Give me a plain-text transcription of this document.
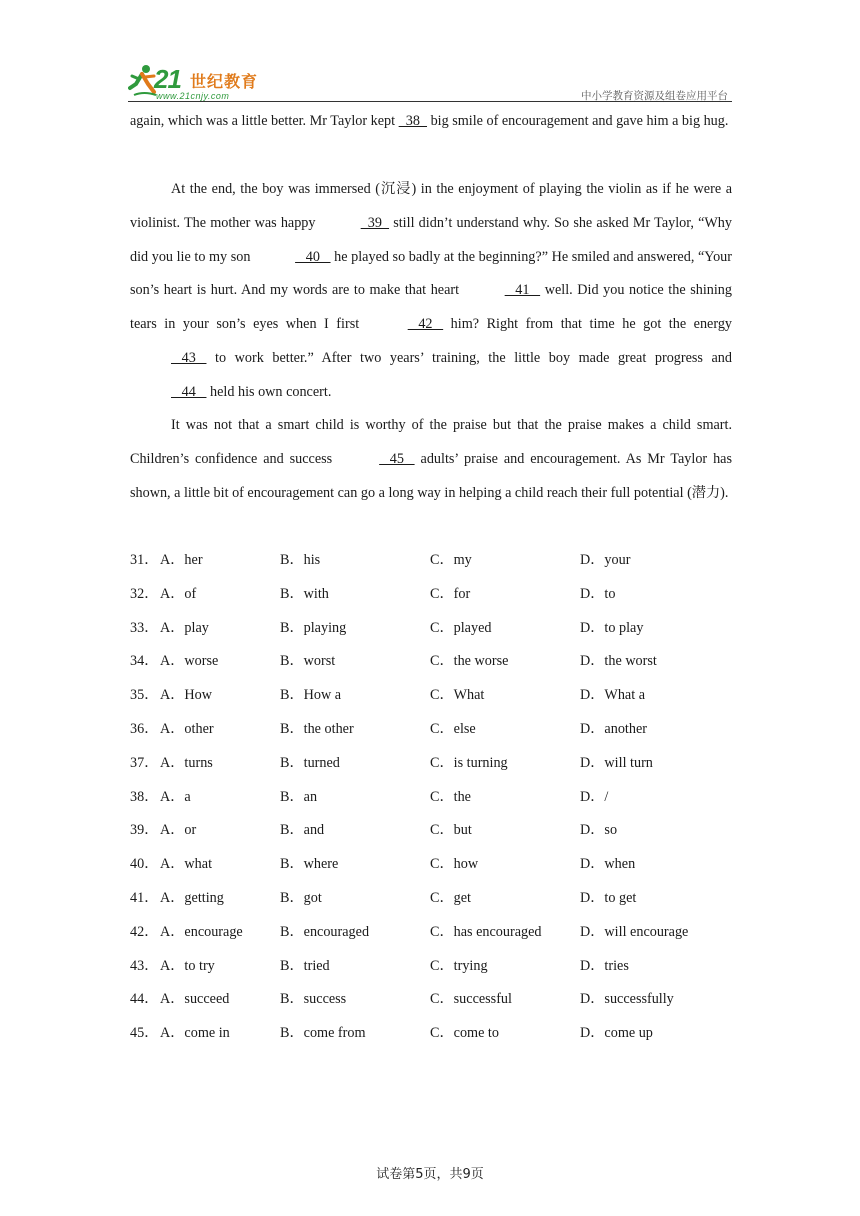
21 世纪教育
www.21cnjy.com	中小学教育资源及组卷应用平台

again, which was a little better. Mr Taylor kept   38   big smile of encouragement and gave him a big hug.

At the end, the boy was immersed (沉浸) in the enjoyment of playing the violin as if he were a violinist. The mother was happy	39   still didn’t understand why. So she asked Mr Taylor, “Why did you lie to my son	40    he played so badly at the beginning?” He smiled and answered, “Your son’s heart is hurt. And my words are to make that heart	41    well. Did you notice the shining tears in your son’s eyes when I first	42    him? Right from that time he got the energy    43    to work better.” After two years’ training, the little boy made great progress and    44    held his own concert.

It was not that a smart child is worthy of the praise but that the praise makes a child smart. Children’s confidence and success	45    adults’ praise and encouragement. As Mr Taylor has shown, a little bit of encouragement can go a long way in helping a child reach their full potential (潜力).

31． A．her	B．his	C．my	D．your
32． A．of	B．with	C．for	D．to
33． A．play	B．playing	C．played	D．to play
34． A．worse	B．worst	C．the worse	D．the worst
35． A．How	B．How a	C．What	D．What a
36． A．other	B．the other	C．else	D．another
37． A．turns	B．turned	C．is turning	D．will turn
38． A．a	B．an	C．the	D．/
39． A．or	B．and	C．but	D．so
40． A．what	B．where	C．how	D．when
41． A．getting	B．got	C．get	D．to get
42． A．encourage	B．encouraged	C．has encouraged	D．will encourage
43． A．to try	B．tried	C．trying	D．tries
44． A．succeed	B．success	C．successful	D．successfully
45． A．come in	B．come from	C．come to	D．come up
试卷第5页，共9页
